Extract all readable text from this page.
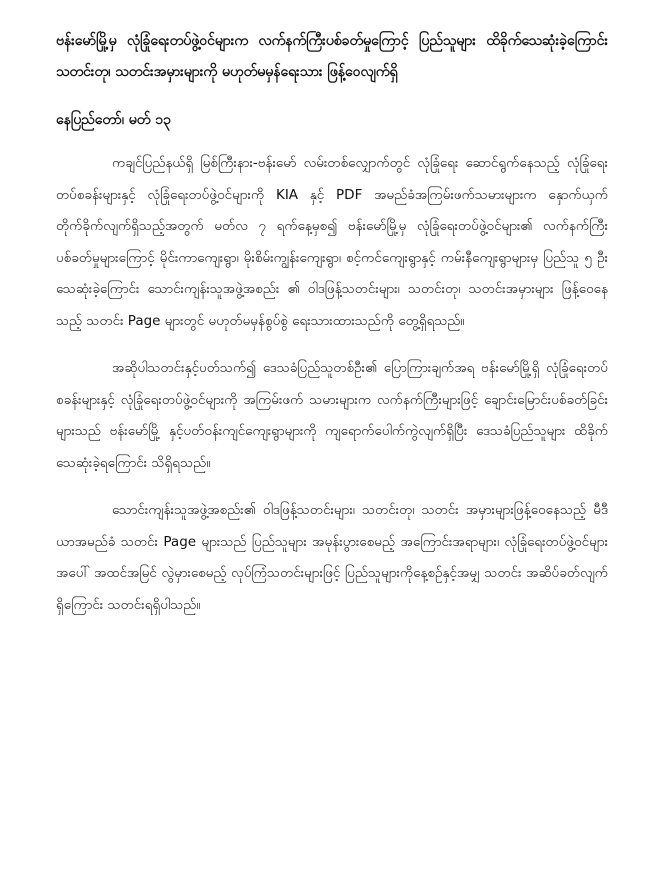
ဗန်းမော်မြို့မှ လုံခြုံရေးတပ်ဖွဲ့ဝင်များက လက်နက်ကြီးပစ်ခတ်မှုကြောင့် ပြည်သူများ ထိခိုက်သေဆုံးခဲ့ကြောင်း သတင်းတု၊ သတင်းအမှားများကို မဟုတ်မမှန်ရေးသား ဖြန့်ဝေလျက်ရှိ
နေပြည်တော်၊ မတ် ၁၃

ကချင်ပြည်နယ်ရှိ မြစ်ကြီးနား-ဗန်းမော် လမ်းတစ်လျှောက်တွင် လုံခြုံရေး ဆောင်ရွက်နေသည့် လုံခြုံရေးတပ်စခန်းများနှင့် လုံခြုံရေးတပ်ဖွဲ့ဝင်များကို KIA နှင့် PDF အမည်ခံအကြမ်းဖက်သမားများက နှောက်ယှက်တိုက်ခိုက်လျက်ရှိသည့်အတွက် မတ်လ ၇ ရက်နေ့မှစ၍ ဗန်းမော်မြို့မှ လုံခြုံရေးတပ်ဖွဲ့ဝင်များ၏ လက်နက်ကြီး ပစ်ခတ်မှုများကြောင့် မိုင်းကာကျေးရွာ၊ မိုးစိမ်းကျွန်းကျေးရွာ၊ စင့်ကင်ကျေးရွာနှင့် ကမ်းနီကျေးရွာများမှ ပြည်သူ ၅ ဦးသေဆုံးခဲ့ကြောင်း သောင်းကျန်းသူအဖွဲ့အစည်း ၏ ဝါဒဖြန့်သတင်းများ၊ သတင်းတု၊ သတင်းအမှားများ ဖြန့်ဝေနေသည့် သတင်း Page များတွင် မဟုတ်မမှန်စွပ်စွဲ ရေးသားထားသည်ကို တွေ့ရှိရသည်။

အဆိုပါသတင်းနှင့်ပတ်သက်၍ ဒေသခံပြည်သူတစ်ဦး၏ ပြောကြားချက်အရ ဗန်းမော်မြို့ရှိ လုံခြုံရေးတပ်စခန်းများနှင့် လုံခြုံရေးတပ်ဖွဲ့ဝင်များကို အကြမ်းဖက် သမားများက လက်နက်ကြီးများဖြင့် ချောင်းမြောင်းပစ်ခတ်ခြင်းများသည် ဗန်းမော်မြို့ နှင့်ပတ်ဝန်းကျင်ကျေးရွာများကို ကျရောက်ပေါက်ကွဲလျက်ရှိပြီး ဒေသခံပြည်သူများ ထိခိုက်သေဆုံးခဲ့ရကြောင်း သိရှိရသည်။

သောင်းကျန်းသူအဖွဲ့အစည်း၏ ဝါဒဖြန့်သတင်းများ၊ သတင်းတု၊ သတင်း အမှားများဖြန့်ဝေနေသည့် မီဒီယာအမည်ခံ သတင်း Page များသည် ပြည်သူများ အမုန်းပွားစေမည့် အကြောင်းအရာများ၊ လုံခြုံရေးတပ်ဖွဲ့ဝင်များအပေါ် အထင်အမြင် လွဲမှားစေမည့် လုပ်ကြံသတင်းများဖြင့် ပြည်သူများကိုနေ့စဉ်နှင့်အမျှ သတင်း အဆိပ်ခတ်လျက်ရှိကြောင်း သတင်းရရှိပါသည်။
